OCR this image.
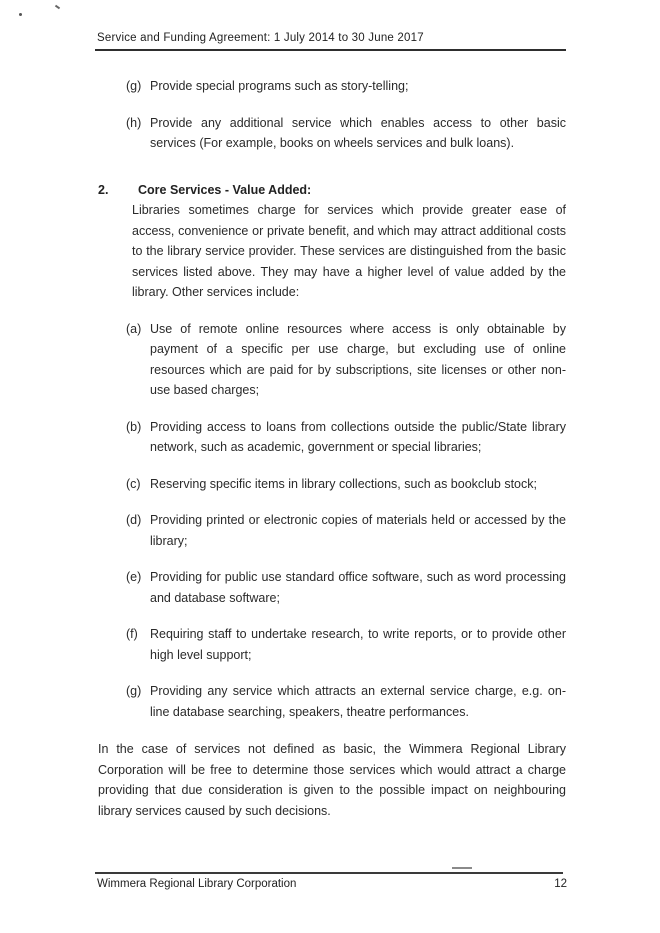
Service and Funding Agreement: 1 July 2014 to 30 June 2017
(g) Provide special programs such as story-telling;
(h) Provide any additional service which enables access to other basic services (For example, books on wheels services and bulk loans).
2.	Core Services - Value Added:
Libraries sometimes charge for services which provide greater ease of access, convenience or private benefit, and which may attract additional costs to the library service provider. These services are distinguished from the basic services listed above. They may have a higher level of value added by the library. Other services include:
(a) Use of remote online resources where access is only obtainable by payment of a specific per use charge, but excluding use of online resources which are paid for by subscriptions, site licenses or other non-use based charges;
(b) Providing access to loans from collections outside the public/State library network, such as academic, government or special libraries;
(c) Reserving specific items in library collections, such as bookclub stock;
(d) Providing printed or electronic copies of materials held or accessed by the library;
(e) Providing for public use standard office software, such as word processing and database software;
(f) Requiring staff to undertake research, to write reports, or to provide other high level support;
(g) Providing any service which attracts an external service charge, e.g. on-line database searching, speakers, theatre performances.
In the case of services not defined as basic, the Wimmera Regional Library Corporation will be free to determine those services which would attract a charge providing that due consideration is given to the possible impact on neighbouring library services caused by such decisions.
Wimmera Regional Library Corporation	12
